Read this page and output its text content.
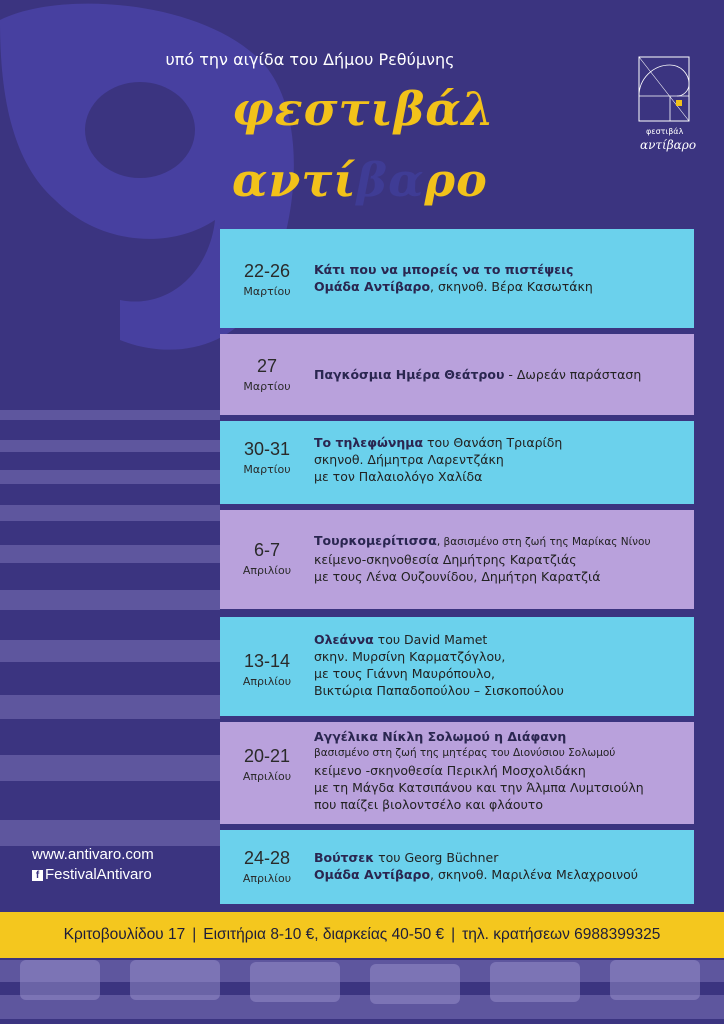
υπό την αιγίδα του Δήμου Ρεθύμνης
φεστιβάλ
αντίβαρο
φεστιβάλ
αντίβαρο
22-26
Μαρτίου
Κάτι που να μπορείς να το πιστέψεις
Ομάδα Αντίβαρο, σκηνοθ. Βέρα Κασωτάκη
27
Μαρτίου
Παγκόσμια Ημέρα Θεάτρου - Δωρεάν παράσταση
30-31
Μαρτίου
Το τηλεφώνημα του Θανάση Τριαρίδη
σκηνοθ. Δήμητρα Λαρεντζάκη
με τον Παλαιολόγο Χαλίδα
6-7
Απριλίου
Τουρκομερίτισσα, βασισμένο στη ζωή της Μαρίκας Νίνου
κείμενο-σκηνοθεσία Δημήτρης Καρατζιάς
με τους Λένα Ουζουνίδου, Δημήτρη Καρατζιά
13-14
Απριλίου
Ολεάννα του David Mamet
σκην. Μυρσίνη Καρματζόγλου,
με τους Γιάννη Μαυρόπουλο,
Βικτώρια Παπαδοπούλου – Σισκοπούλου
20-21
Απριλίου
Αγγέλικα Νίκλη Σολωμού η Διάφανη
βασισμένο στη ζωή της μητέρας του Διονύσιου Σολωμού
κείμενο -σκηνοθεσία Περικλή Μοσχολιδάκη
με τη Μάγδα Κατσιπάνου και την Άλμπα Λυμτσιούλη
που παίζει βιολοντσέλο και φλάουτο
24-28
Απριλίου
Βούτσεκ του Georg Büchner
Ομάδα Αντίβαρο, σκηνοθ. Μαριλένα Μελαχροινού
www.antivaro.com
f FestivalAntivaro
Κριτοβουλίδου 17 | Εισιτήρια 8-10 €, διαρκείας 40-50 € | τηλ. κρατήσεων 6988399325
